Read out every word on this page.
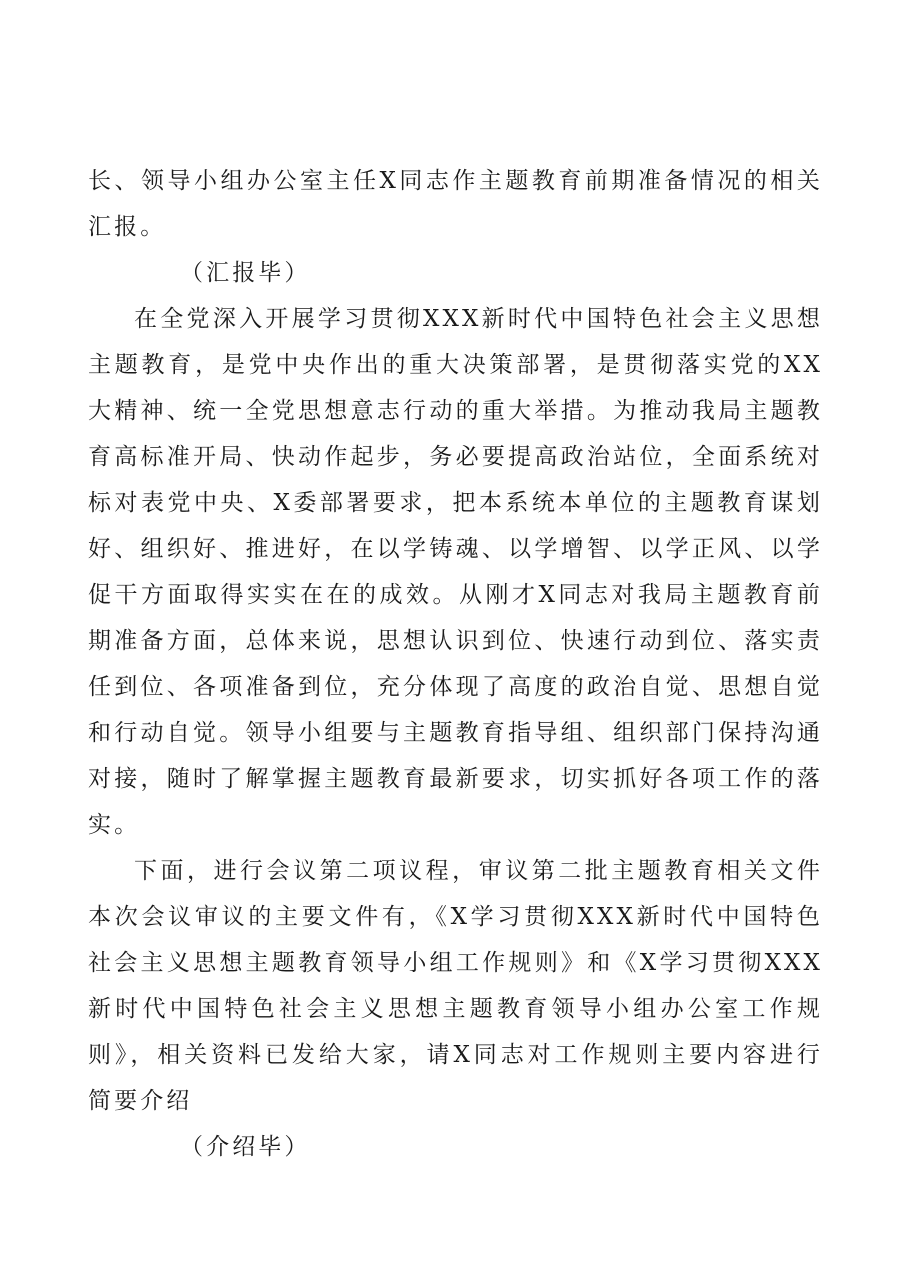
长、领导小组办公室主任X同志作主题教育前期准备情况的相关汇报。

（汇报毕）

在全党深入开展学习贯彻XXX新时代中国特色社会主义思想主题教育，是党中央作出的重大决策部署，是贯彻落实党的XX大精神、统一全党思想意志行动的重大举措。为推动我局主题教育高标准开局、快动作起步，务必要提高政治站位，全面系统对标对表党中央、X委部署要求，把本系统本单位的主题教育谋划好、组织好、推进好，在以学铸魂、以学增智、以学正风、以学促干方面取得实实在在的成效。从刚才X同志对我局主题教育前期准备方面，总体来说，思想认识到位、快速行动到位、落实责任到位、各项准备到位，充分体现了高度的政治自觉、思想自觉和行动自觉。领导小组要与主题教育指导组、组织部门保持沟通对接，随时了解掌握主题教育最新要求，切实抓好各项工作的落实。

下面，进行会议第二项议程，审议第二批主题教育相关文件本次会议审议的主要文件有，《X学习贯彻XXX新时代中国特色社会主义思想主题教育领导小组工作规则》和《X学习贯彻XXX新时代中国特色社会主义思想主题教育领导小组办公室工作规则》，相关资料已发给大家，请X同志对工作规则主要内容进行简要介绍

（介绍毕）
